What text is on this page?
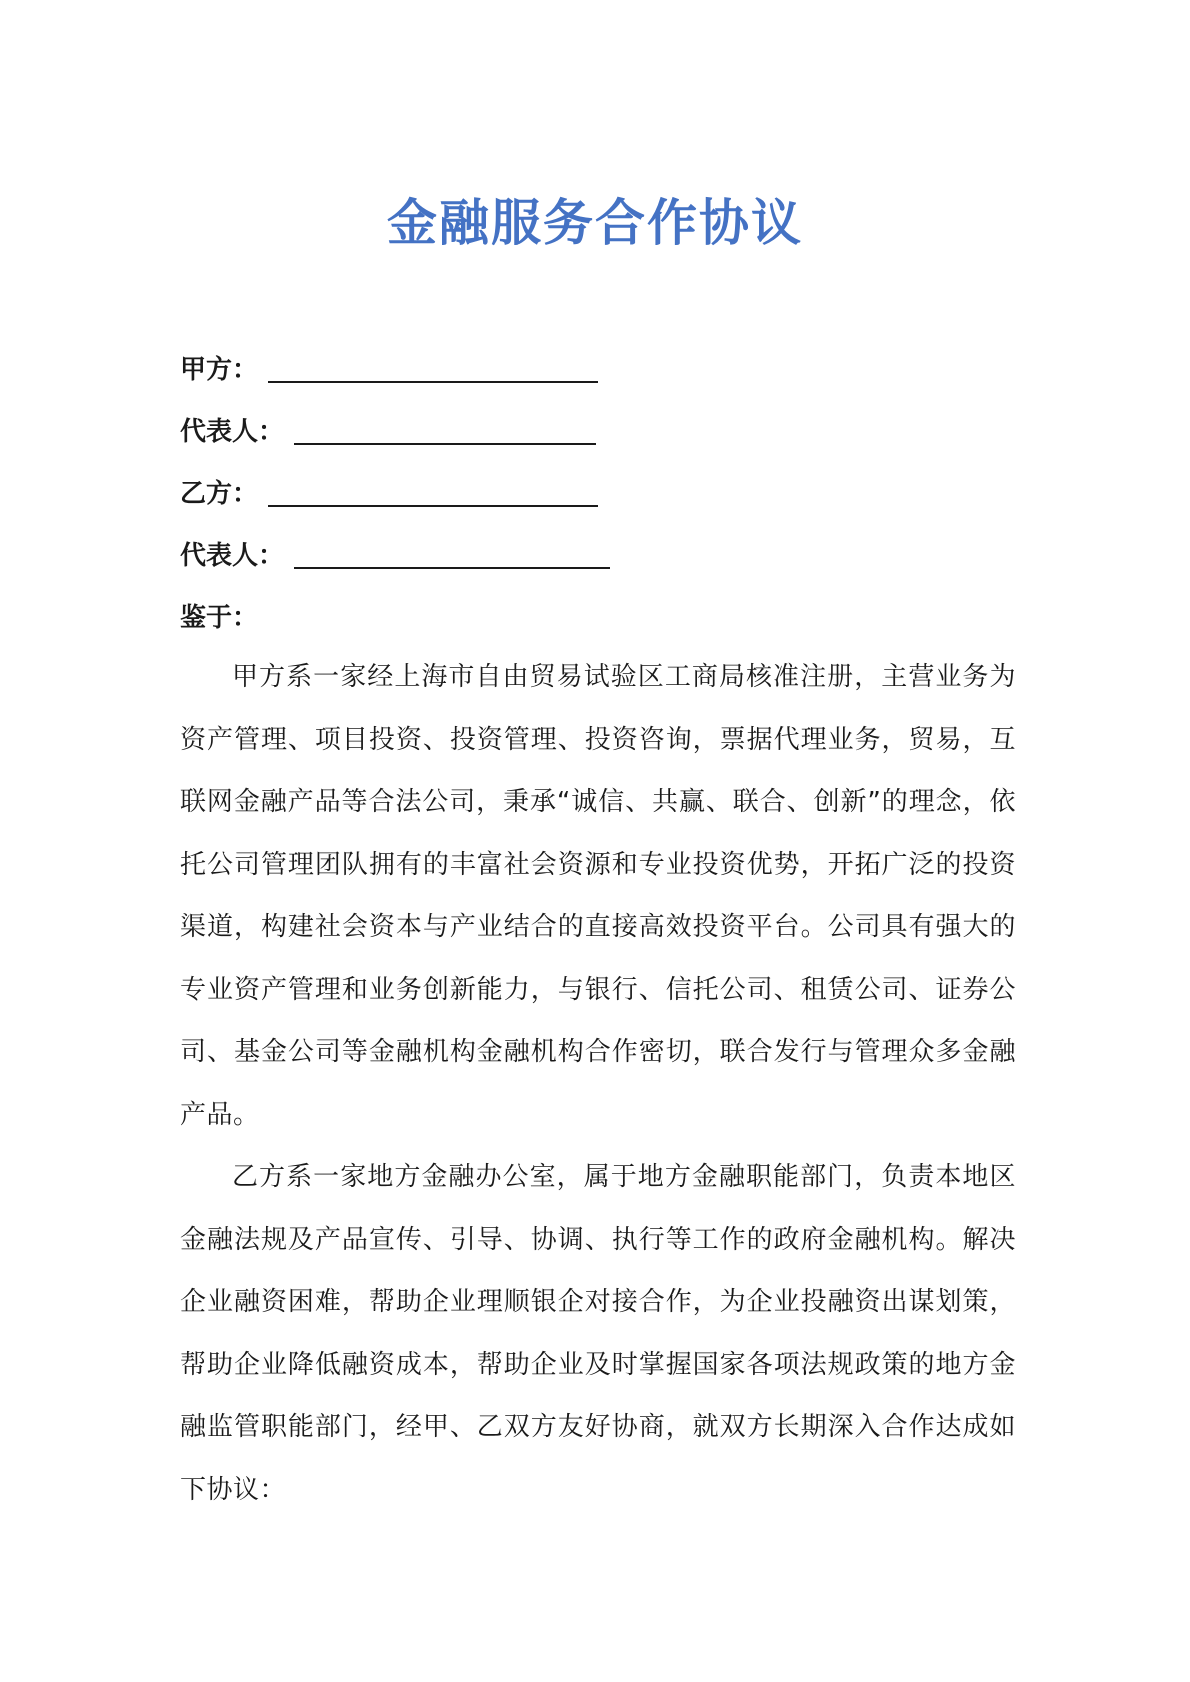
金融服务合作协议
甲方：
代表人：
乙方：
代表人：
鉴于：

甲方系一家经上海市自由贸易试验区工商局核准注册，主营业务为资产管理、项目投资、投资管理、投资咨询，票据代理业务，贸易，互联网金融产品等合法公司，秉承“诚信、共赢、联合、创新”的理念，依托公司管理团队拥有的丰富社会资源和专业投资优势，开拓广泛的投资渠道，构建社会资本与产业结合的直接高效投资平台。公司具有强大的专业资产管理和业务创新能力，与银行、信托公司、租赁公司、证券公司、基金公司等金融机构金融机构合作密切，联合发行与管理众多金融产品。

乙方系一家地方金融办公室，属于地方金融职能部门，负责本地区金融法规及产品宣传、引导、协调、执行等工作的政府金融机构。解决企业融资困难，帮助企业理顺银企对接合作，为企业投融资出谋划策，帮助企业降低融资成本，帮助企业及时掌握国家各项法规政策的地方金融监管职能部门，经甲、乙双方友好协商，就双方长期深入合作达成如下协议：
